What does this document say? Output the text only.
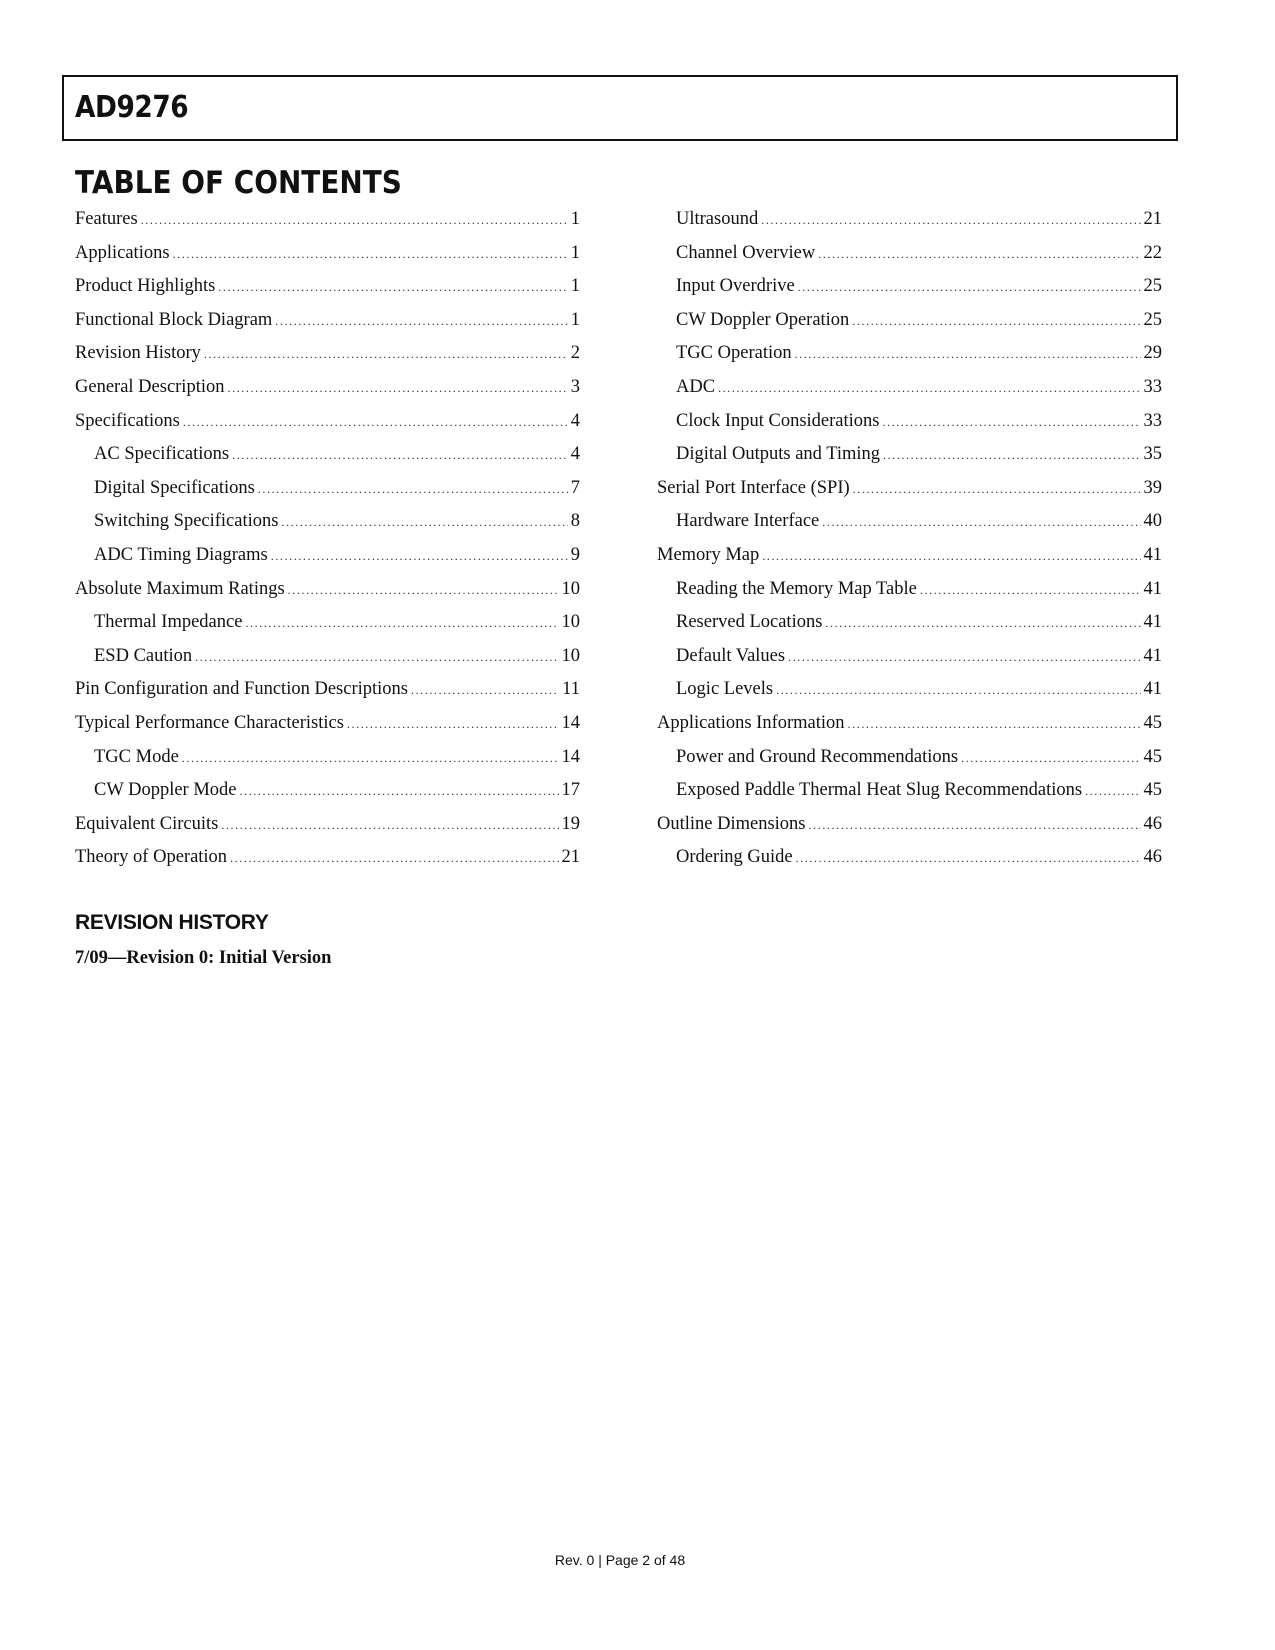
AD9276
TABLE OF CONTENTS
Features .....	1
Applications .....	1
Product Highlights .....	1
Functional Block Diagram .....	1
Revision History .....	2
General Description .....	3
Specifications .....	4
AC Specifications .....	4
Digital Specifications .....	7
Switching Specifications .....	8
ADC Timing Diagrams .....	9
Absolute Maximum Ratings .....	10
Thermal Impedance .....	10
ESD Caution .....	10
Pin Configuration and Function Descriptions .....	11
Typical Performance Characteristics .....	14
TGC Mode .....	14
CW Doppler Mode .....	17
Equivalent Circuits .....	19
Theory of Operation .....	21
Ultrasound .....	21
Channel Overview .....	22
Input Overdrive .....	25
CW Doppler Operation .....	25
TGC Operation .....	29
ADC .....	33
Clock Input Considerations .....	33
Digital Outputs and Timing .....	35
Serial Port Interface (SPI) .....	39
Hardware Interface .....	40
Memory Map .....	41
Reading the Memory Map Table .....	41
Reserved Locations .....	41
Default Values .....	41
Logic Levels .....	41
Applications Information .....	45
Power and Ground Recommendations .....	45
Exposed Paddle Thermal Heat Slug Recommendations .....	45
Outline Dimensions .....	46
Ordering Guide .....	46
REVISION HISTORY

7/09—Revision 0: Initial Version

Rev. 0 | Page 2 of 48
